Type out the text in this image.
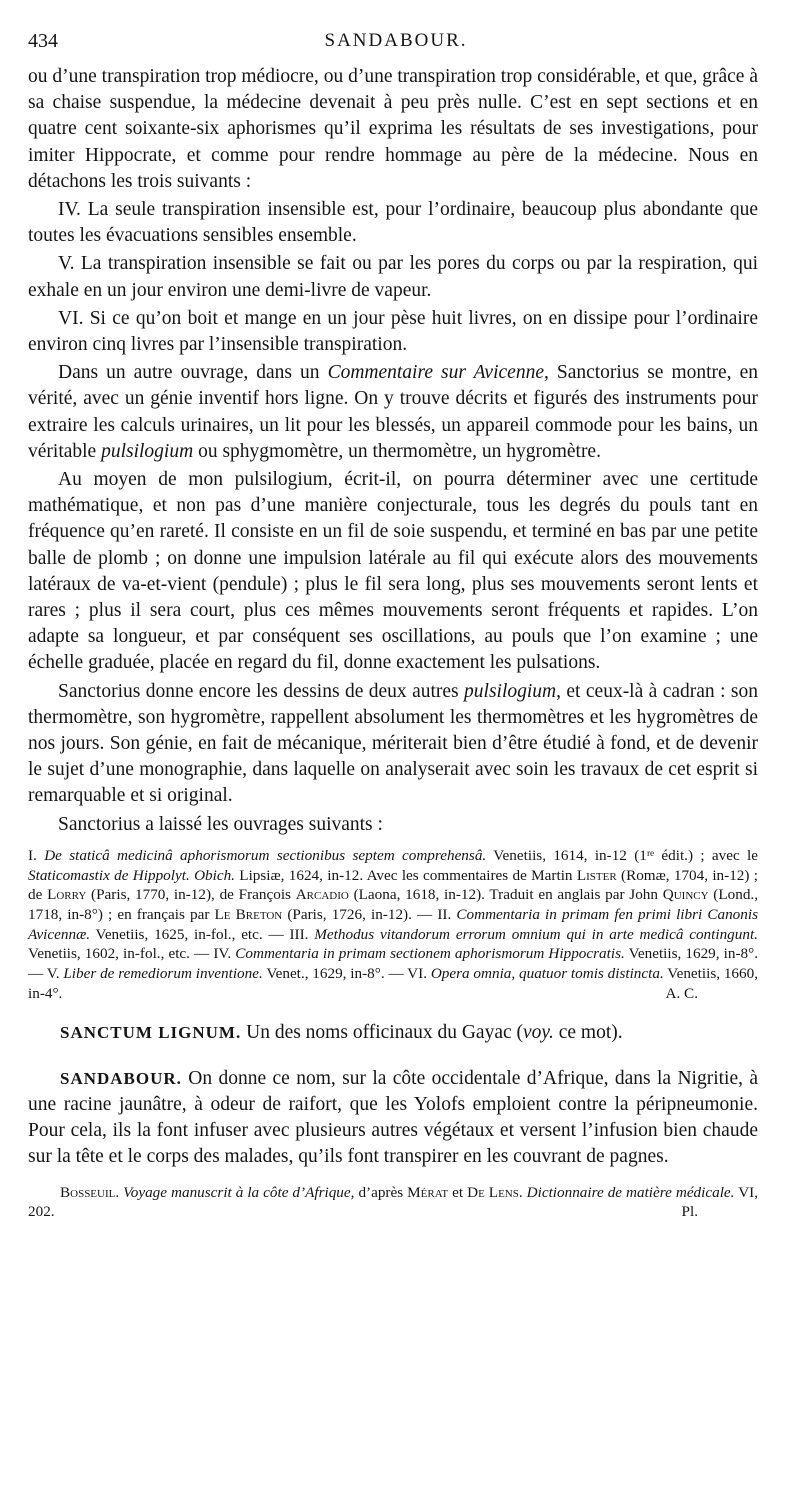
434	SANDABOUR.

ou d’une transpiration trop médiocre, ou d’une transpiration trop considérable, et que, grâce à sa chaise suspendue, la médecine devenait à peu près nulle. C’est en sept sections et en quatre cent soixante-six aphorismes qu’il exprima les résultats de ses investigations, pour imiter Hippocrate, et comme pour rendre hommage au père de la médecine. Nous en détachons les trois suivants :

IV. La seule transpiration insensible est, pour l’ordinaire, beaucoup plus abondante que toutes les évacuations sensibles ensemble.

V. La transpiration insensible se fait ou par les pores du corps ou par la respiration, qui exhale en un jour environ une demi-livre de vapeur.

VI. Si ce qu’on boit et mange en un jour pèse huit livres, on en dissipe pour l’ordinaire environ cinq livres par l’insensible transpiration.

Dans un autre ouvrage, dans un Commentaire sur Avicenne, Sanctorius se montre, en vérité, avec un génie inventif hors ligne. On y trouve décrits et figurés des instruments pour extraire les calculs urinaires, un lit pour les blessés, un appareil commode pour les bains, un véritable pulsilogium ou sphygmomètre, un thermomètre, un hygromètre.

Au moyen de mon pulsilogium, écrit-il, on pourra déterminer avec une certitude mathématique, et non pas d’une manière conjecturale, tous les degrés du pouls tant en fréquence qu’en rareté. Il consiste en un fil de soie suspendu, et terminé en bas par une petite balle de plomb ; on donne une impulsion latérale au fil qui exécute alors des mouvements latéraux de va-et-vient (pendule) ; plus le fil sera long, plus ses mouvements seront lents et rares ; plus il sera court, plus ces mêmes mouvements seront fréquents et rapides. L’on adapte sa longueur, et par conséquent ses oscillations, au pouls que l’on examine ; une échelle graduée, placée en regard du fil, donne exactement les pulsations.

Sanctorius donne encore les dessins de deux autres pulsilogium, et ceux-là à cadran : son thermomètre, son hygromètre, rappellent absolument les thermomètres et les hygromètres de nos jours. Son génie, en fait de mécanique, mériterait bien d’être étudié à fond, et de devenir le sujet d’une monographie, dans laquelle on analyserait avec soin les travaux de cet esprit si remarquable et si original.

Sanctorius a laissé les ouvrages suivants :

I. De staticâ medicinâ aphorismorum sectionibus septem comprehensâ. Venetiis, 1614, in-12 (1ʳᵉ édit.) ; avec le Staticomastix de Hippolyt. Obich. Lipsiæ, 1624, in-12. Avec les commentaires de Martin Lister (Romæ, 1704, in-12) ; de Lorry (Paris, 1770, in-12), de François Arcadio (Laona, 1618, in-12). Traduit en anglais par John Quincy (Lond., 1718, in-8°) ; en français par Le Breton (Paris, 1726, in-12). — II. Commentaria in primam fen primi libri Canonis Avicennæ. Venetiis, 1625, in-fol., etc. — III. Methodus vitandorum errorum omnium qui in arte medicâ contingunt. Venetiis, 1602, in-fol., etc. — IV. Commentaria in primam sectionem aphorismorum Hippocratis. Venetiis, 1629, in-8°. — V. Liber de remediorum inventione. Venet., 1629, in-8°. — VI. Opera omnia, quatuor tomis distincta. Venetiis, 1660, in-4°.	A. C.

SANCTUM LIGNUM. Un des noms officinaux du Gayac (voy. ce mot).

SANDABOUR. On donne ce nom, sur la côte occidentale d’Afrique, dans la Nigritie, à une racine jaunâtre, à odeur de raifort, que les Yolofs emploient contre la péripneumonie. Pour cela, ils la font infuser avec plusieurs autres végétaux et versent l’infusion bien chaude sur la tête et le corps des malades, qu’ils font transpirer en les couvrant de pagnes.

Bosseuil. Voyage manuscrit à la côte d’Afrique, d’après Mérat et De Lens. Dictionnaire de matière médicale. VI, 202.	Pl.
